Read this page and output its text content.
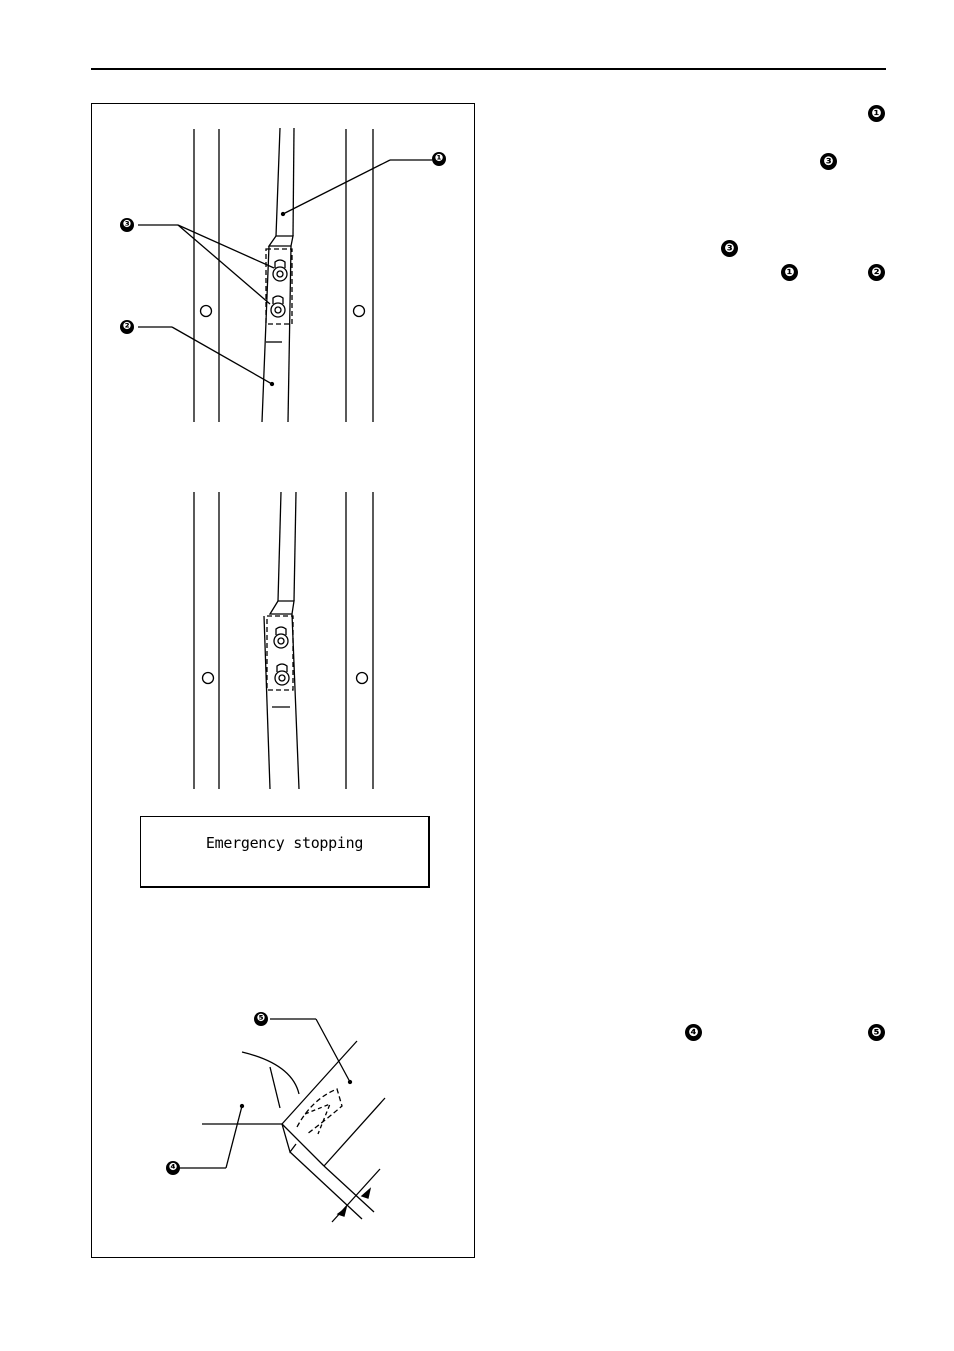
❶
❸
❷
❺
❹
Emergency stopping
❶
❸
❸
❶	❷
❹	❺
